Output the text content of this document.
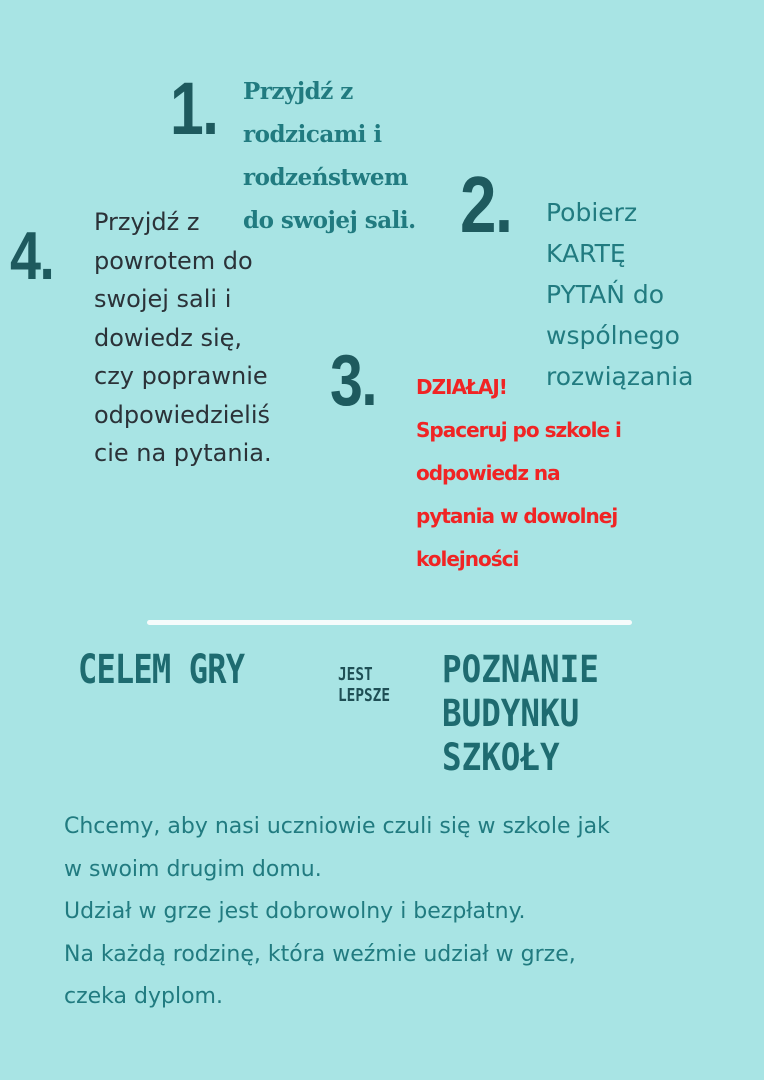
1.
2.
3.
4.
Przyjdź z
rodzicami i
rodzeństwem
do swojej sali.	Pobierz
KARTĘ
PYTAŃ do
wspólnego
rozwiązania
DZIAŁAJ!
Spaceruj po szkole i
odpowiedz na
pytania w dowolnej
kolejności
Przyjdź z
powrotem do
swojej sali i
dowiedz się,
czy poprawnie
odpowiedzieliś
cie na pytania.
CELEM GRY	JEST
LEPSZE
POZNANIE
BUDYNKU
SZKOŁY

Chcemy, aby nasi uczniowie czuli się w szkole jak

w swoim drugim domu.

Udział w grze jest dobrowolny i bezpłatny.

Na każdą rodzinę, która weźmie udział w grze,

czeka dyplom.
